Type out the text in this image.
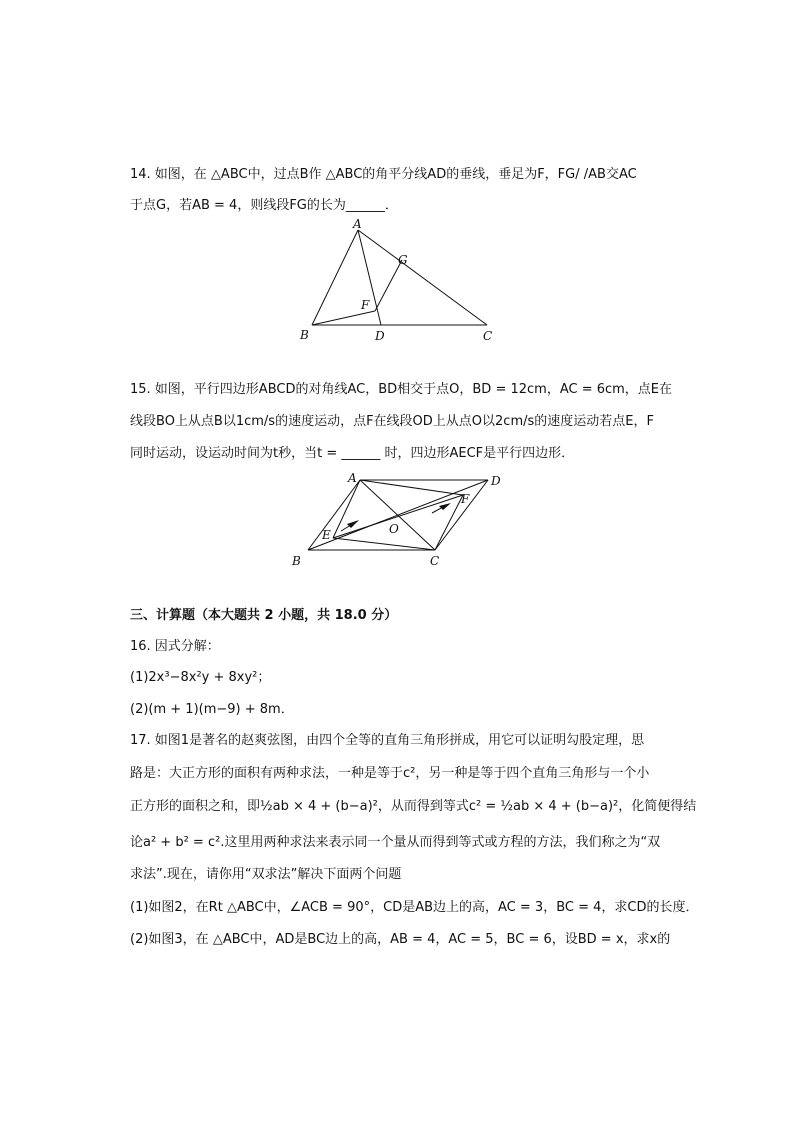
14. 如图，在 △ABC中，过点B作 △ABC的角平分线AD的垂线，垂足为F，FG/ /AB交AC
于点G，若AB = 4，则线段FG的长为______．
A
B	C
D
F
G
15. 如图，平行四边形ABCD的对角线AC，BD相交于点O，BD = 12cm，AC = 6cm，点E在
线段BO上从点B以1cm/s的速度运动，点F在线段OD上从点O以2cm/s的速度运动若点E，F
同时运动，设运动时间为t秒，当t = ______ 时，四边形AECF是平行四边形．
A	D
B	C
O
E
F
三、计算题（本大题共 2 小题，共 18.0 分）
16. 因式分解：
(1)2x³−8x²y + 8xy²；
(2)(m + 1)(m−9) + 8m．
17. 如图1是著名的赵爽弦图，由四个全等的直角三角形拼成，用它可以证明勾股定理，思
路是：大正方形的面积有两种求法，一种是等于c²，另一种是等于四个直角三角形与一个小
正方形的面积之和，即½ab × 4 + (b−a)²，从而得到等式c² = ½ab × 4 + (b−a)²，化简便得结
论a² + b² = c².这里用两种求法来表示同一个量从而得到等式或方程的方法，我们称之为“双
求法”.现在，请你用“双求法”解决下面两个问题
(1)如图2，在Rt △ABC中，∠ACB = 90°，CD是AB边上的高，AC = 3，BC = 4，求CD的长度．
(2)如图3，在 △ABC中，AD是BC边上的高，AB = 4，AC = 5，BC = 6，设BD = x，求x的
